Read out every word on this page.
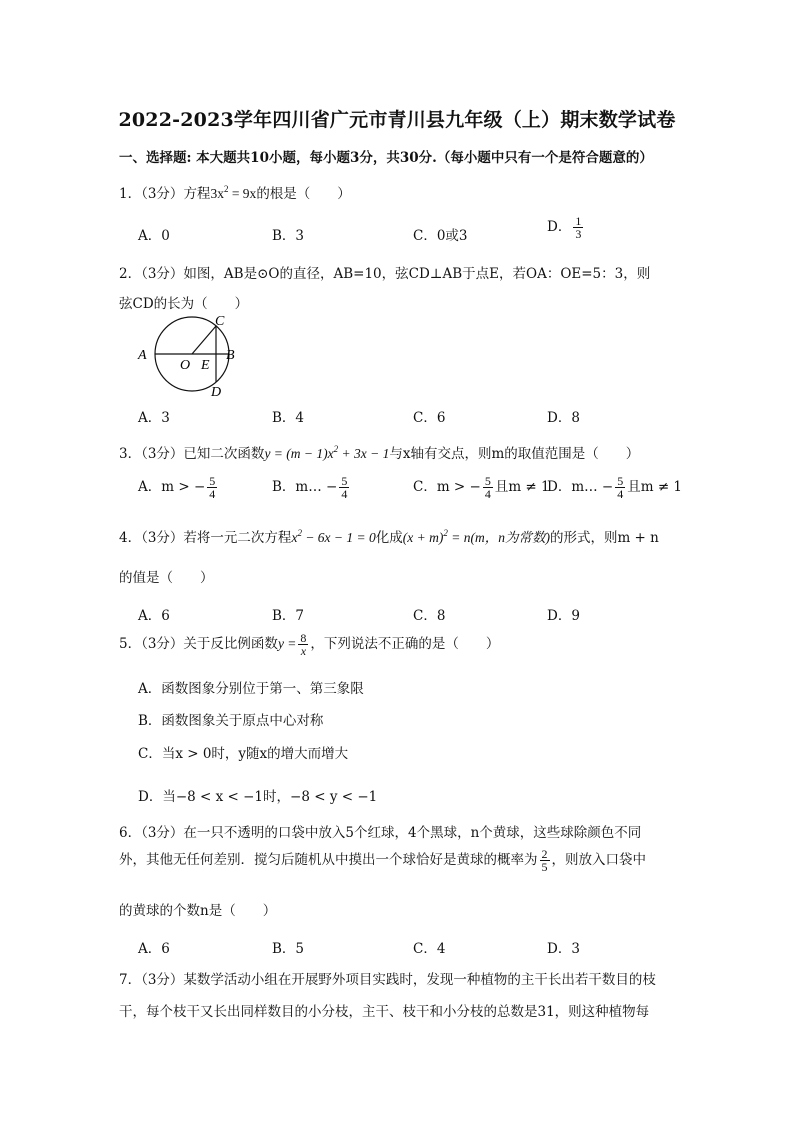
2022-2023学年四川省广元市青川县九年级（上）期末数学试卷
一、选择题: 本大题共10小题，每小题3分，共30分.（每小题中只有一个是符合题意的）
1．（3分）方程$3x^2 = 9x$的根是（　　）
A．0	B．3	C．0或3
D． $\frac{1}{3}$
2．（3分）如图，AB是⊙O的直径，AB=10，弦CD⊥AB于点E，若OA：OE=5：3，则
弦CD的长为（　　）
A	B
C
D
O E
A．3	B．4	C．6	D．8
3．（3分）已知二次函数$y = (m - 1)x^2 + 3x - 1$与x轴有交点，则m的取值范围是（　　）
A．m > − $\frac{5}{4}$	B．m… − $\frac{5}{4}$	C．m > − $\frac{5}{4}$ 且m ≠ 1
D．m… − $\frac{5}{4}$ 且m ≠ 1
4．（3分）若将一元二次方程$x^2 - 6x - 1 = 0$化成$(x + m)^2 = n(m$，n为常数)的形式，则m + n
的值是（　　）
A．6	B．7	C．8	D．9
5．（3分）关于反比例函数$y = \frac{8}{x}$ ，下列说法不正确的是（　　）
A．函数图象分别位于第一、第三象限
B．函数图象关于原点中心对称
C．当x > 0时，y随x的增大而增大
D．当−8 < x < −1时，−8 < y < −1
6．（3分）在一只不透明的口袋中放入5个红球，4个黑球，n个黄球，这些球除颜色不同
外，其他无任何差别．搅匀后随机从中摸出一个球恰好是黄球的概率为 $\frac{2}{5}$ ，则放入口袋中
的黄球的个数n是（　　）
A．6	B．5	C．4	D．3
7．（3分）某数学活动小组在开展野外项目实践时，发现一种植物的主干长出若干数目的枝
干，每个枝干又长出同样数目的小分枝，主干、枝干和小分枝的总数是31，则这种植物每
